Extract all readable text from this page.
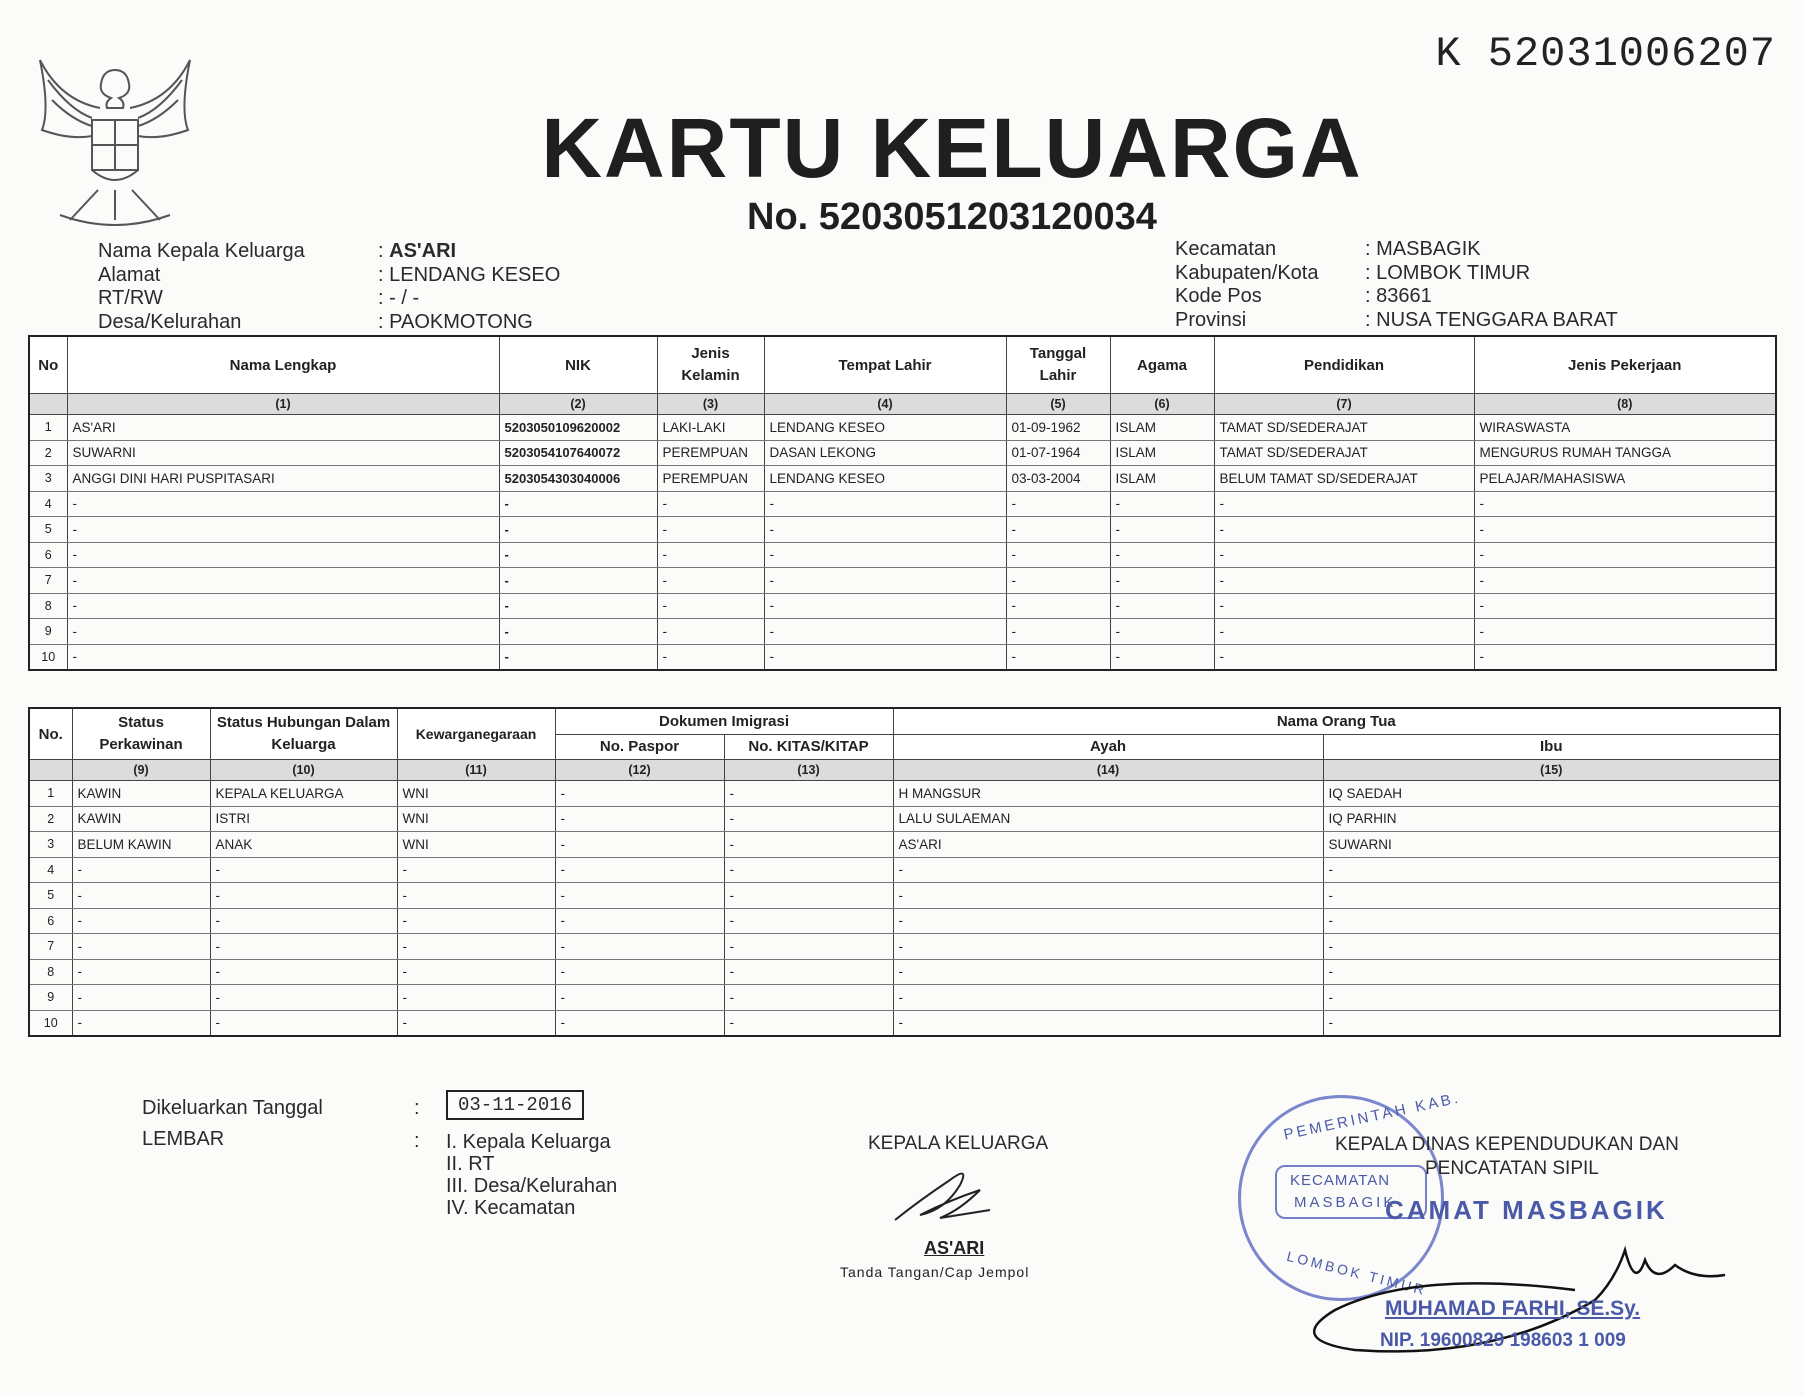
K 52031006207
KARTU KELUARGA
No. 5203051203120034
Nama Kepala Keluarga	: AS'ARI
Alamat	: LENDANG KESEO
RT/RW	: - / -
Desa/Kelurahan	: PAOKMOTONG
Kecamatan	: MASBAGIK
Kabupaten/Kota	: LOMBOK TIMUR
Kode Pos	: 83661
Provinsi	: NUSA TENGGARA BARAT
No	Nama Lengkap	NIK	Jenis Kelamin	Tempat Lahir	Tanggal Lahir	Agama	Pendidikan	Jenis Pekerjaan
	(1)	(2)	(3)	(4)	(5)	(6)	(7)	(8)
1	AS'ARI	5203050109620002	LAKI-LAKI	LENDANG KESEO	01-09-1962	ISLAM	TAMAT SD/SEDERAJAT	WIRASWASTA
2	SUWARNI	5203054107640072	PEREMPUAN	DASAN LEKONG	01-07-1964	ISLAM	TAMAT SD/SEDERAJAT	MENGURUS RUMAH TANGGA
3	ANGGI DINI HARI PUSPITASARI	5203054303040006	PEREMPUAN	LENDANG KESEO	03-03-2004	ISLAM	BELUM TAMAT SD/SEDERAJAT	PELAJAR/MAHASISWA
4	-	-	-	-	-	-	-	-
5	-	-	-	-	-	-	-	-
6	-	-	-	-	-	-	-	-
7	-	-	-	-	-	-	-	-
8	-	-	-	-	-	-	-	-
9	-	-	-	-	-	-	-	-
10	-	-	-	-	-	-	-	-
No.	Status Perkawinan	Status Hubungan Dalam Keluarga	Kewarganegaraan	Dokumen Imigrasi		Nama Orang Tua	
				No. Paspor	No. KITAS/KITAP	Ayah	Ibu
	(9)	(10)	(11)	(12)	(13)	(14)	(15)
1	KAWIN	KEPALA KELUARGA	WNI	-	-	H MANGSUR	IQ SAEDAH
2	KAWIN	ISTRI	WNI	-	-	LALU SULAEMAN	IQ PARHIN
3	BELUM KAWIN	ANAK	WNI	-	-	AS'ARI	SUWARNI
4	-	-	-	-	-	-	-
5	-	-	-	-	-	-	-
6	-	-	-	-	-	-	-
7	-	-	-	-	-	-	-
8	-	-	-	-	-	-	-
9	-	-	-	-	-	-	-
10	-	-	-	-	-	-	-
Dikeluarkan Tanggal	:	03-11-2016
LEMBAR	: I. Kepala Keluarga
II. RT
III. Desa/Kelurahan
IV. Kecamatan
KEPALA KELUARGA
AS'ARI
Tanda Tangan/Cap Jempol
PEMERINTAH KAB.
KECAMATAN
MASBAGIK
LOMBOK TIMUR
KEPALA DINAS KEPENDUDUKAN DAN
PENCATATAN SIPIL
CAMAT MASBAGIK
MUHAMAD FARHI, SE.Sy.
NIP. 19600829 198603 1 009
